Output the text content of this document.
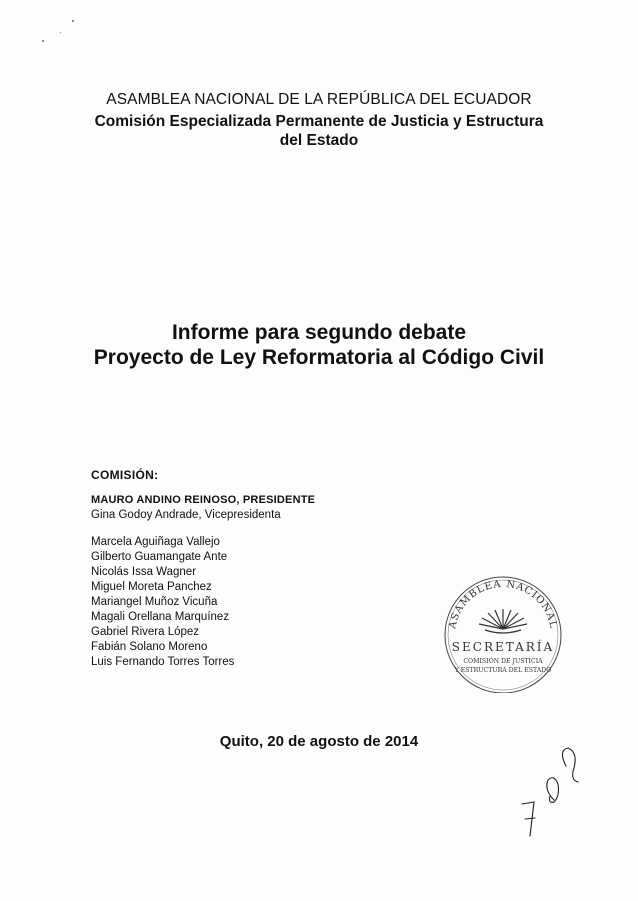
ASAMBLEA NACIONAL DE LA REPÚBLICA DEL ECUADOR

Comisión Especializada Permanente de Justicia y Estructura del Estado

Informe para segundo debate

Proyecto de Ley Reformatoria al Código Civil

COMISIÓN:
MAURO ANDINO REINOSO, PRESIDENTE
Gina Godoy Andrade, Vicepresidenta
Marcela Aguiñaga Vallejo
Gilberto Guamangate Ante
Nicolás Issa Wagner
Miguel Moreta Panchez
Mariangel Muñoz Vicuña
Magali Orellana Marquínez
Gabriel Rivera López
Fabián Solano Moreno
Luis Fernando Torres Torres
ASAMBLEA NACIONAL
SECRETARÍA
COMISIÓN DE JUSTICIA
Y ESTRUCTURA DEL ESTADO
Quito, 20 de agosto de 2014
